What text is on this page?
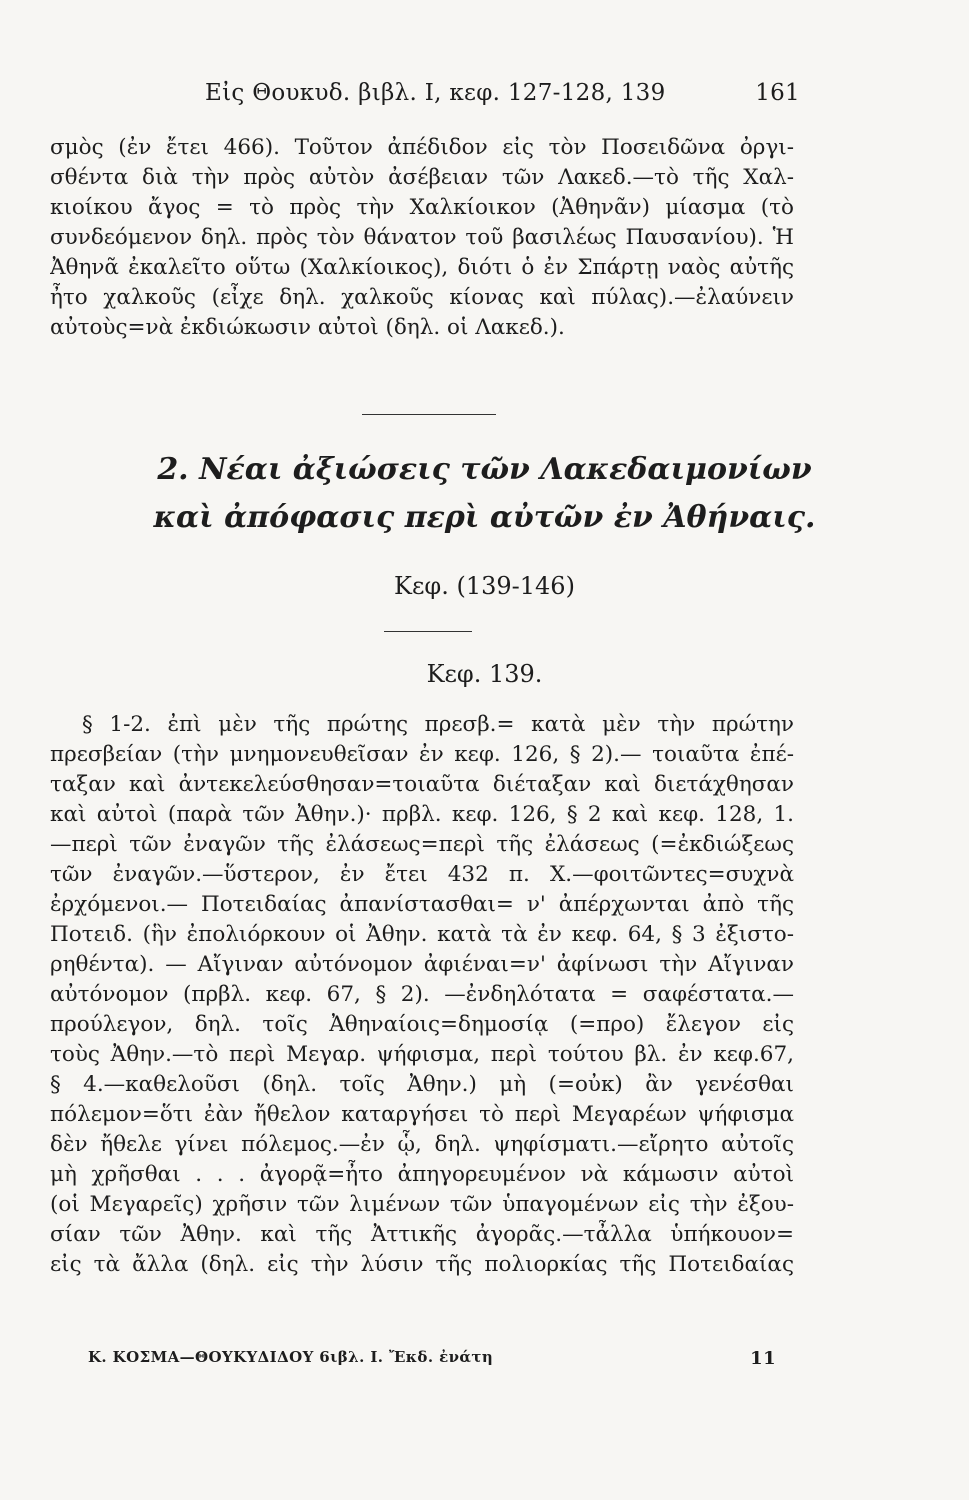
Εἰς Θουκυδ. βιβλ. I, κεφ. 127-128, 139	161
σμὸς (ἐν ἔτει 466). Τοῦτον ἀπέδιδον εἰς τὸν Ποσειδῶνα ὀργι-
σθέντα διὰ τὴν πρὸς αὐτὸν ἀσέβειαν τῶν Λακεδ.—τὸ τῆς Χαλ-
κιοίκου ἄγος = τὸ πρὸς τὴν Χαλκίοικον (Ἀθηνᾶν) μίασμα (τὸ
συνδεόμενον δηλ. πρὸς τὸν θάνατον τοῦ βασιλέως Παυσανίου). Ἡ
Ἀθηνᾶ ἐκαλεῖτο οὕτω (Χαλκίοικος), διότι ὁ ἐν Σπάρτῃ ναὸς αὐτῆς
ἦτο χαλκοῦς (εἶχε δηλ. χαλκοῦς κίονας καὶ πύλας).—ἐλαύνειν
αὐτοὺς=νὰ ἐκδιώκωσιν αὐτοὶ (δηλ. οἱ Λακεδ.).
2. Νέαι ἀξιώσεις τῶν Λακεδαιμονίων
καὶ ἀπόφασις περὶ αὐτῶν ἐν Ἀθήναις.
Κεφ. (139-146)
Κεφ. 139.
§ 1-2. ἐπὶ μὲν τῆς πρώτης πρεσβ.= κατὰ μὲν τὴν πρώτην
πρεσβείαν (τὴν μνημονευθεῖσαν ἐν κεφ. 126, § 2).— τοιαῦτα ἐπέ-
ταξαν καὶ ἀντεκελεύσθησαν=τοιαῦτα διέταξαν καὶ διετάχθησαν
καὶ αὐτοὶ (παρὰ τῶν Ἀθην.)· πρβλ. κεφ. 126, § 2 καὶ κεφ. 128, 1.
—περὶ τῶν ἐναγῶν τῆς ἐλάσεως=περὶ τῆς ἐλάσεως (=ἐκδιώξεως
τῶν ἐναγῶν.—ὕστερον, ἐν ἔτει 432 π. Χ.—φοιτῶντες=συχνὰ
ἐρχόμενοι.— Ποτειδαίας ἀπανίστασθαι= ν' ἀπέρχωνται ἀπὸ τῆς
Ποτειδ. (ἣν ἐπολιόρκουν οἱ Ἀθην. κατὰ τὰ ἐν κεφ. 64, § 3 ἐξιστο-
ρηθέντα). — Αἴγιναν αὐτόνομον ἀφιέναι=ν' ἀφίνωσι τὴν Αἴγιναν
αὐτόνομον (πρβλ. κεφ. 67, § 2). —ἐνδηλότατα = σαφέστατα.—
προύλεγον, δηλ. τοῖς Ἀθηναίοις=δημοσίᾳ (=προ) ἔλεγον εἰς
τοὺς Ἀθην.—τὸ περὶ Μεγαρ. ψήφισμα, περὶ τούτου βλ. ἐν κεφ.67,
§ 4.—καθελοῦσι (δηλ. τοῖς Ἀθην.) μὴ (=οὐκ) ἂν γενέσθαι
πόλεμον=ὅτι ἐὰν ἤθελον καταργήσει τὸ περὶ Μεγαρέων ψήφισμα
δὲν ἤθελε γίνει πόλεμος.—ἐν ᾧ, δηλ. ψηφίσματι.—εἴρητο αὐτοῖς
μὴ χρῆσθαι . . . ἀγορᾷ=ἦτο ἀπηγορευμένον νὰ κάμωσιν αὐτοὶ
(οἱ Μεγαρεῖς) χρῆσιν τῶν λιμένων τῶν ὑπαγομένων εἰς τὴν ἐξου-
σίαν τῶν Ἀθην. καὶ τῆς Ἀττικῆς ἀγορᾶς.—τἆλλα ὑπήκουον=
εἰς τὰ ἄλλα (δηλ. εἰς τὴν λύσιν τῆς πολιορκίας τῆς Ποτειδαίας
Κ. ΚΟΣΜΑ—ΘΟΥΚΥΔΙΔΟΥ 6ιβλ. Ι. Ἔκδ. ἐνάτη	11
